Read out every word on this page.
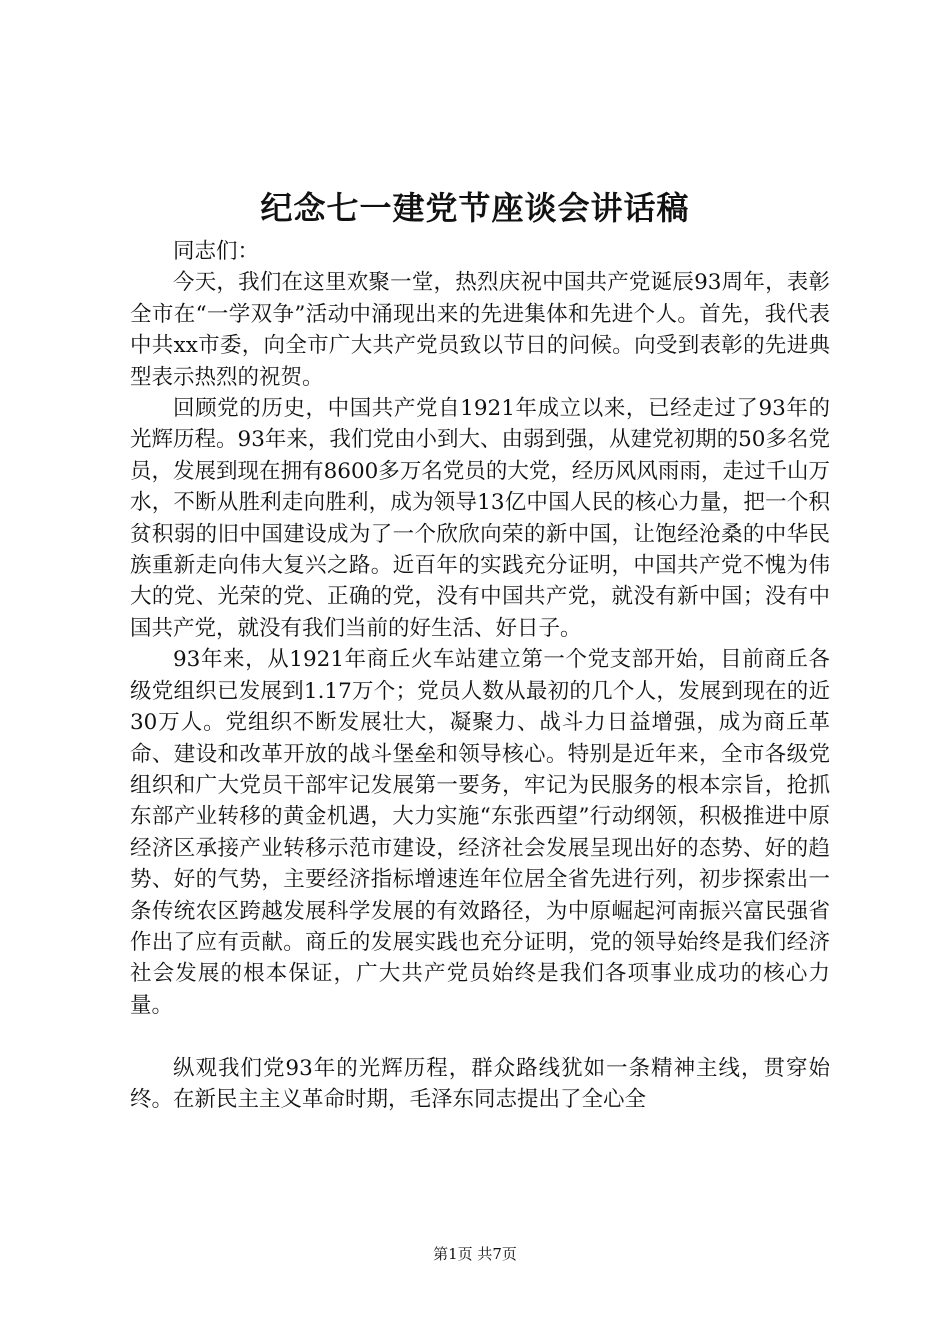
纪念七一建党节座谈会讲话稿

同志们：

今天，我们在这里欢聚一堂，热烈庆祝中国共产党诞辰93周年，表彰全市在“一学双争”活动中涌现出来的先进集体和先进个人。首先，我代表中共xx市委，向全市广大共产党员致以节日的问候。向受到表彰的先进典型表示热烈的祝贺。

回顾党的历史，中国共产党自1921年成立以来，已经走过了93年的光辉历程。93年来，我们党由小到大、由弱到强，从建党初期的50多名党员，发展到现在拥有8600多万名党员的大党，经历风风雨雨，走过千山万水，不断从胜利走向胜利，成为领导13亿中国人民的核心力量，把一个积贫积弱的旧中国建设成为了一个欣欣向荣的新中国，让饱经沧桑的中华民族重新走向伟大复兴之路。近百年的实践充分证明，中国共产党不愧为伟大的党、光荣的党、正确的党，没有中国共产党，就没有新中国；没有中国共产党，就没有我们当前的好生活、好日子。

93年来，从1921年商丘火车站建立第一个党支部开始，目前商丘各级党组织已发展到1.17万个；党员人数从最初的几个人，发展到现在的近30万人。党组织不断发展壮大，凝聚力、战斗力日益增强，成为商丘革命、建设和改革开放的战斗堡垒和领导核心。特别是近年来，全市各级党组织和广大党员干部牢记发展第一要务，牢记为民服务的根本宗旨，抢抓东部产业转移的黄金机遇，大力实施“东张西望”行动纲领，积极推进中原经济区承接产业转移示范市建设，经济社会发展呈现出好的态势、好的趋势、好的气势，主要经济指标增速连年位居全省先进行列，初步探索出一条传统农区跨越发展科学发展的有效路径，为中原崛起河南振兴富民强省作出了应有贡献。商丘的发展实践也充分证明，党的领导始终是我们经济社会发展的根本保证，广大共产党员始终是我们各项事业成功的核心力量。

纵观我们党93年的光辉历程，群众路线犹如一条精神主线，贯穿始终。在新民主主义革命时期，毛泽东同志提出了全心全

第1页 共7页
